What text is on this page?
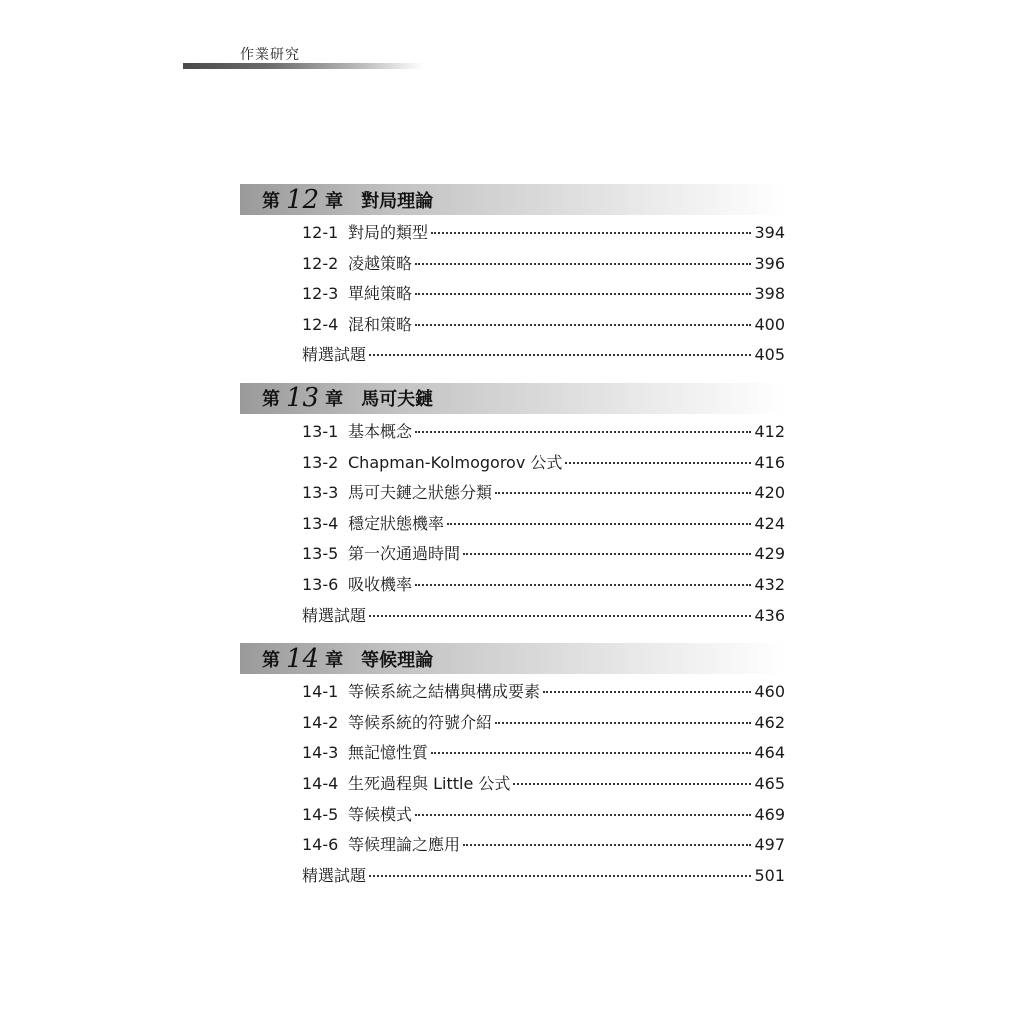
作業研究
第 12 章 對局理論
12-1 對局的類型	394
12-2 凌越策略	396
12-3 單純策略	398
12-4 混和策略	400
精選試題	405
第 13 章 馬可夫鏈
13-1 基本概念	412
13-2 Chapman-Kolmogorov 公式	416
13-3 馬可夫鏈之狀態分類	420
13-4 穩定狀態機率	424
13-5 第一次通過時間	429
13-6 吸收機率	432
精選試題	436
第 14 章 等候理論
14-1 等候系統之結構與構成要素	460
14-2 等候系統的符號介紹	462
14-3 無記憶性質	464
14-4 生死過程與 Little 公式	465
14-5 等候模式	469
14-6 等候理論之應用	497
精選試題	501
